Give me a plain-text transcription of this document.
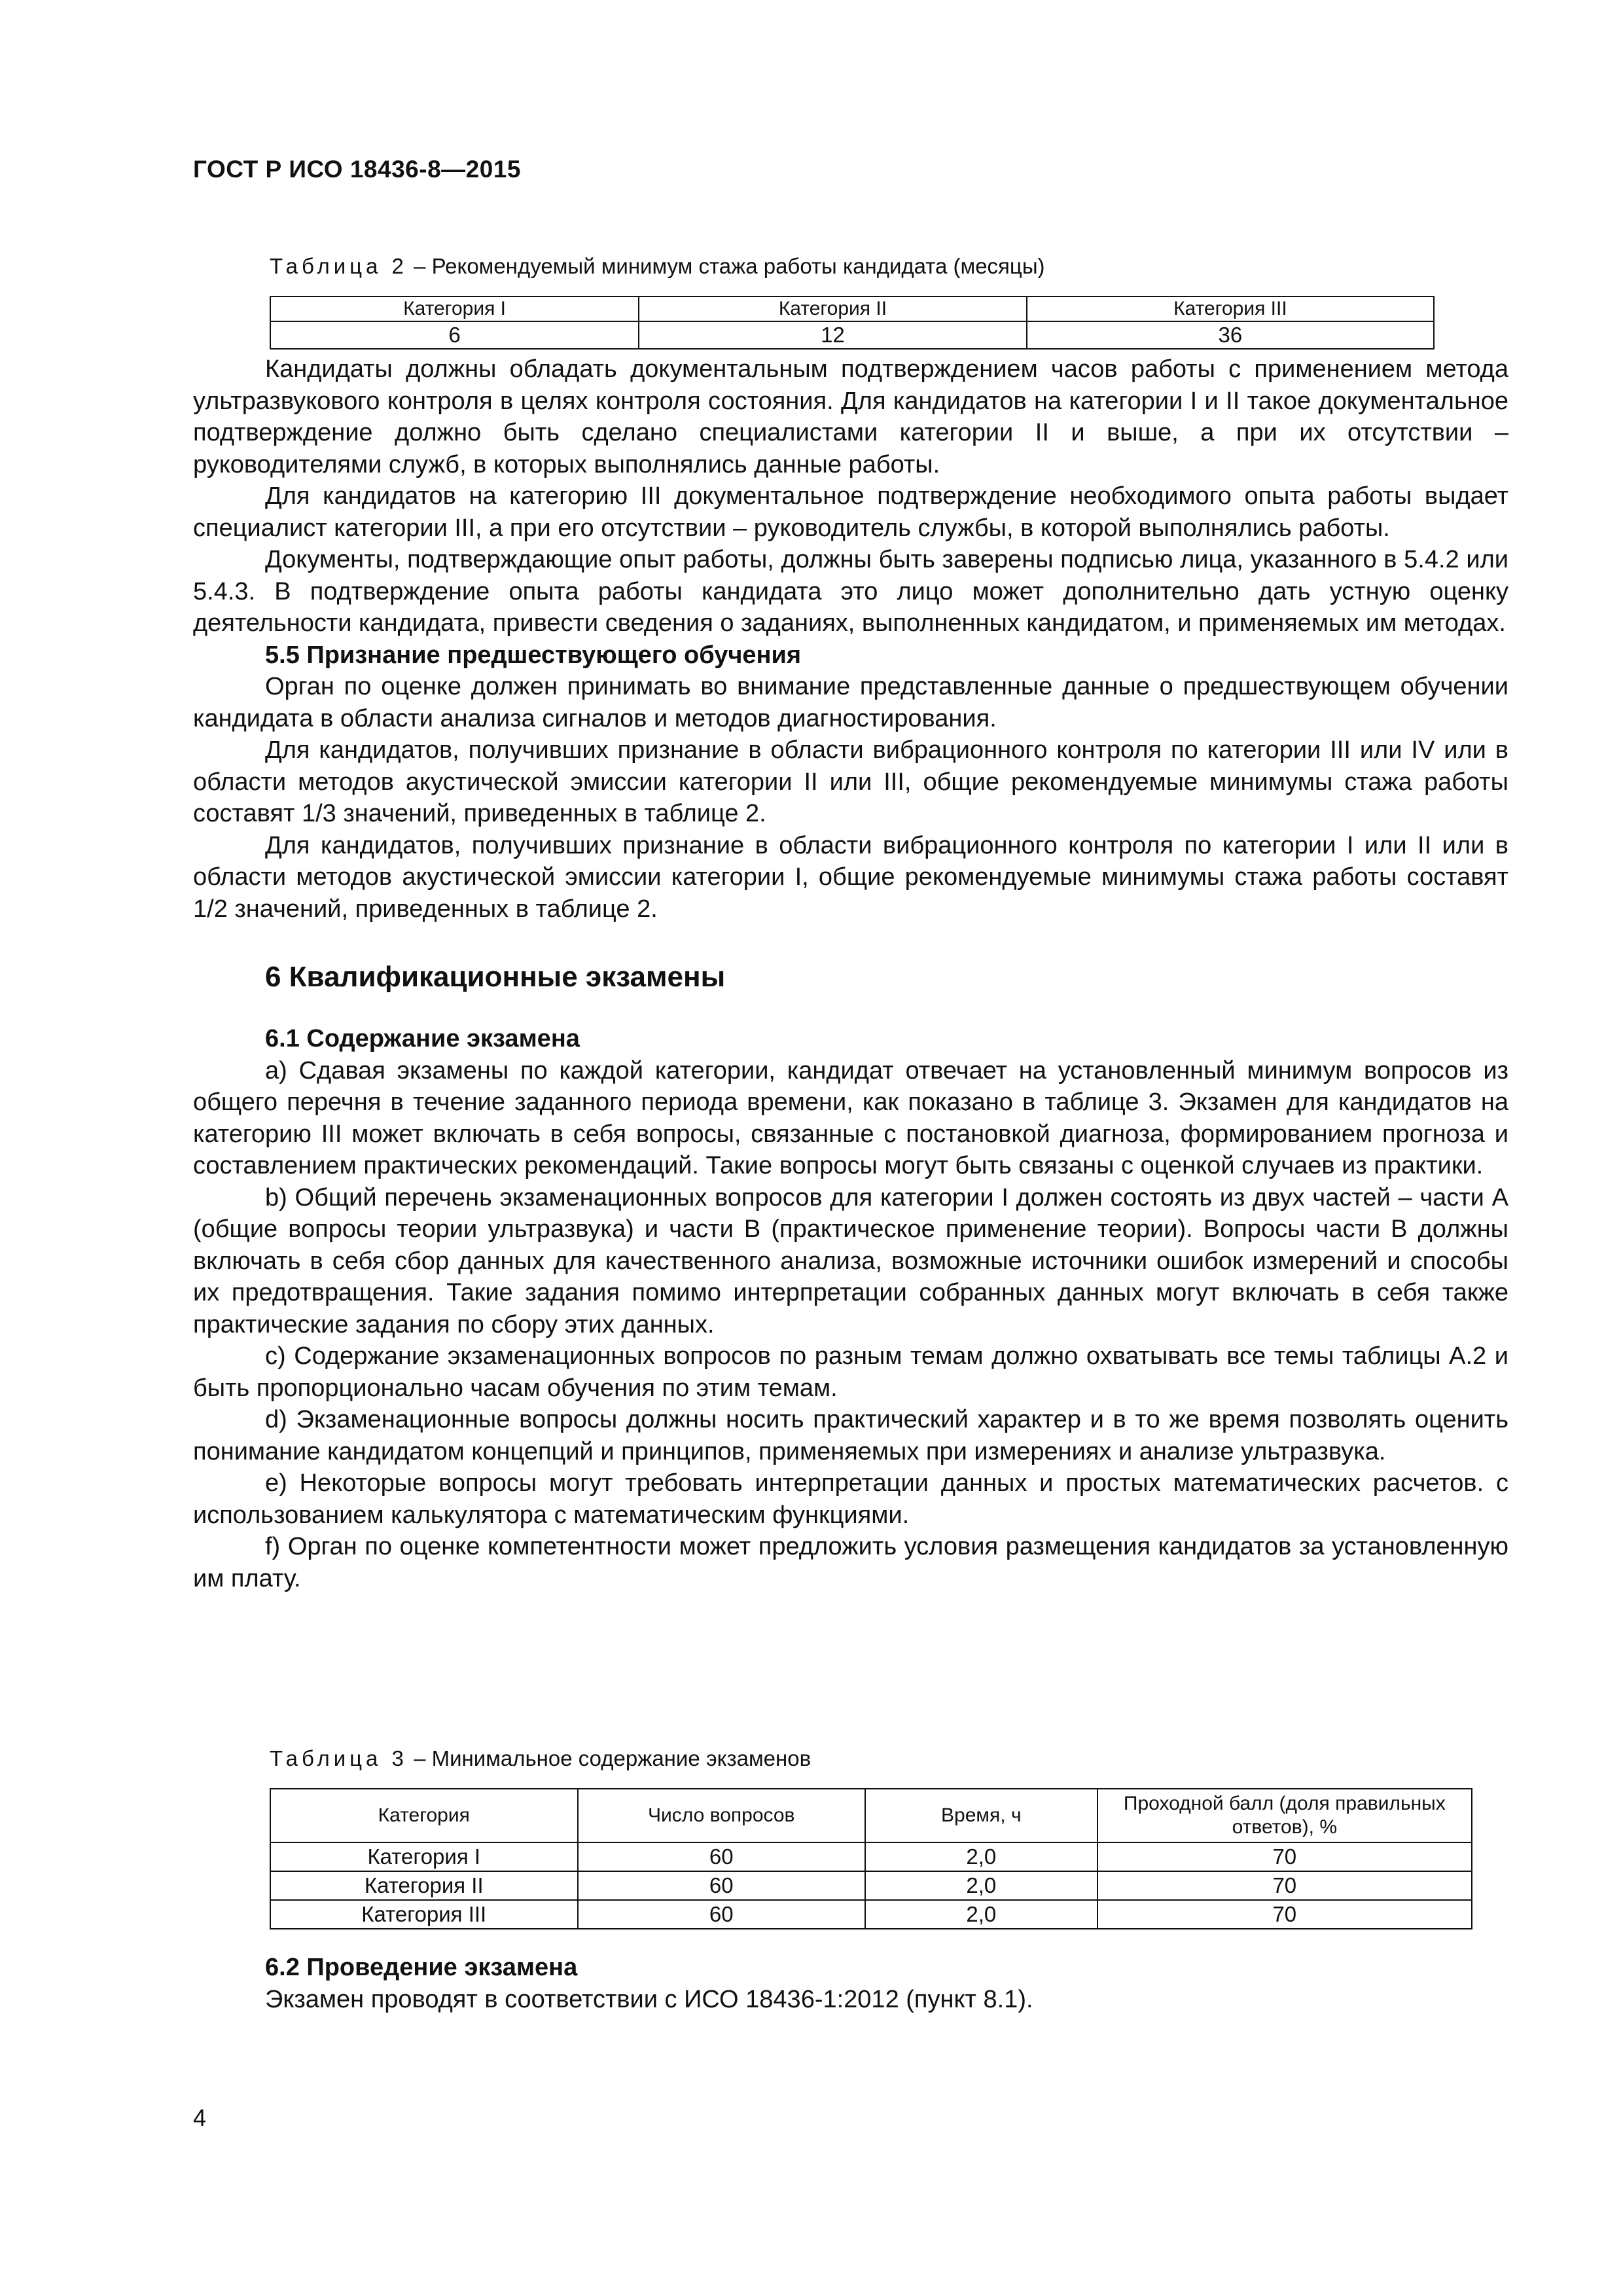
ГОСТ Р ИСО 18436-8—2015
Таблица 2 – Рекомендуемый минимум стажа работы кандидата (месяцы)
Категория I	Категория II	Категория III
6	12	36

Кандидаты должны обладать документальным подтверждением часов работы с применением метода ультразвукового контроля в целях контроля состояния. Для кандидатов на категории I и II такое документальное подтверждение должно быть сделано специалистами категории II и выше, а при их отсутствии – руководителями служб, в которых выполнялись данные работы.

Для кандидатов на категорию III документальное подтверждение необходимого опыта работы выдает специалист категории III, а при его отсутствии – руководитель службы, в которой выполнялись работы.

Документы, подтверждающие опыт работы, должны быть заверены подписью лица, указанного в 5.4.2 или 5.4.3. В подтверждение опыта работы кандидата это лицо может дополнительно дать устную оценку деятельности кандидата, привести сведения о заданиях, выполненных кандидатом, и применяемых им методах.

5.5 Признание предшествующего обучения

Орган по оценке должен принимать во внимание представленные данные о предшествующем обучении кандидата в области анализа сигналов и методов диагностирования.

Для кандидатов, получивших признание в области вибрационного контроля по категории III или IV или в области методов акустической эмиссии категории II или III, общие рекомендуемые минимумы стажа работы составят 1/3 значений, приведенных в таблице 2.

Для кандидатов, получивших признание в области вибрационного контроля по категории I или II или в области методов акустической эмиссии категории I, общие рекомендуемые минимумы стажа работы составят 1/2 значений, приведенных в таблице 2.

6 Квалификационные экзамены
6.1 Содержание экзамена

a) Сдавая экзамены по каждой категории, кандидат отвечает на установленный минимум вопросов из общего перечня в течение заданного периода времени, как показано в таблице 3. Экзамен для кандидатов на категорию III может включать в себя вопросы, связанные с постановкой диагноза, формированием прогноза и составлением практических рекомендаций. Такие вопросы могут быть связаны с оценкой случаев из практики.

b) Общий перечень экзаменационных вопросов для категории I должен состоять из двух частей – части А (общие вопросы теории ультразвука) и части В (практическое применение теории). Вопросы части В должны включать в себя сбор данных для качественного анализа, возможные источники ошибок измерений и способы их предотвращения. Такие задания помимо интерпретации собранных данных могут включать в себя также практические задания по сбору этих данных.

c) Содержание экзаменационных вопросов по разным темам должно охватывать все темы таблицы А.2 и быть пропорционально часам обучения по этим темам.

d) Экзаменационные вопросы должны носить практический характер и в то же время позволять оценить понимание кандидатом концепций и принципов, применяемых при измерениях и анализе ультразвука.

e) Некоторые вопросы могут требовать интерпретации данных и простых математических расчетов. с использованием калькулятора с математическим функциями.

f) Орган по оценке компетентности может предложить условия размещения кандидатов за установленную им плату.

Таблица 3 – Минимальное содержание экзаменов
Категория	Число вопросов	Время, ч	Проходной балл (доля правильных ответов), %
Категория I	60	2,0	70
Категория II	60	2,0	70
Категория III	60	2,0	70
6.2 Проведение экзамена

Экзамен проводят в соответствии с ИСО 18436-1:2012 (пункт 8.1).

4
